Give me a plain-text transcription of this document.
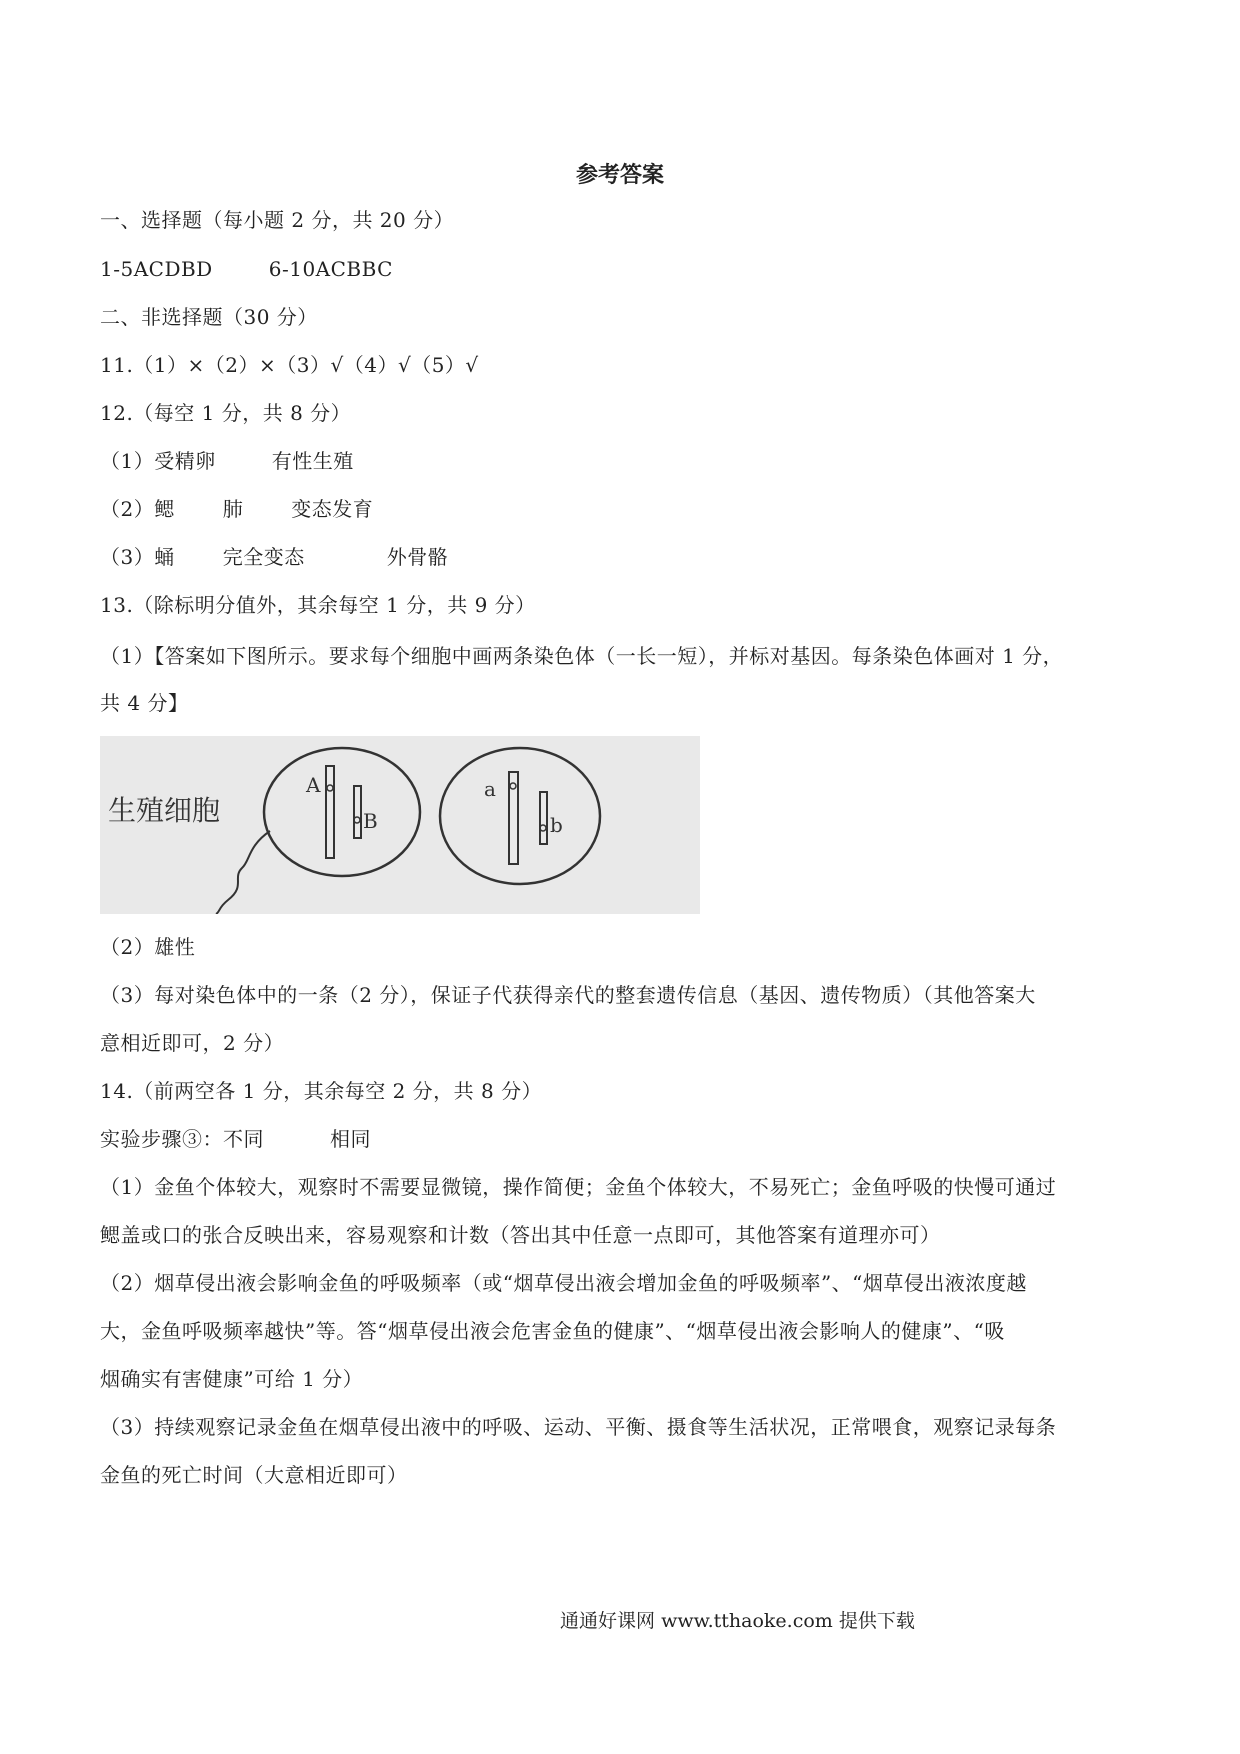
参考答案
一、选择题（每小题 2 分，共 20 分）
1-5ACDBD	6-10ACBBC
二、非选择题（30 分）
11.（1）×（2）×（3）√（4）√（5）√
12.（每空 1 分，共 8 分）
（1）受精卵	有性生殖
（2）鳃 肺 变态发育
（3）蛹 完全变态	外骨骼
13.（除标明分值外，其余每空 1 分，共 9 分）
（1）【答案如下图所示。要求每个细胞中画两条染色体（一长一短），并标对基因。每条染色体画对 1 分，
共 4 分】
生殖细胞
A
B
a
b
（2）雄性
（3）每对染色体中的一条（2 分），保证子代获得亲代的整套遗传信息（基因、遗传物质）（其他答案大
意相近即可，2 分）
14.（前两空各 1 分，其余每空 2 分，共 8 分）
实验步骤③：不同	相同
（1）金鱼个体较大，观察时不需要显微镜，操作简便；金鱼个体较大，不易死亡；金鱼呼吸的快慢可通过
鳃盖或口的张合反映出来，容易观察和计数（答出其中任意一点即可，其他答案有道理亦可）
（2）烟草侵出液会影响金鱼的呼吸频率（或“烟草侵出液会增加金鱼的呼吸频率”、“烟草侵出液浓度越
大，金鱼呼吸频率越快”等。答“烟草侵出液会危害金鱼的健康”、“烟草侵出液会影响人的健康”、“吸
烟确实有害健康”可给 1 分）
（3）持续观察记录金鱼在烟草侵出液中的呼吸、运动、平衡、摄食等生活状况，正常喂食，观察记录每条
金鱼的死亡时间（大意相近即可）
通通好课网 www.tthaoke.com 提供下载
